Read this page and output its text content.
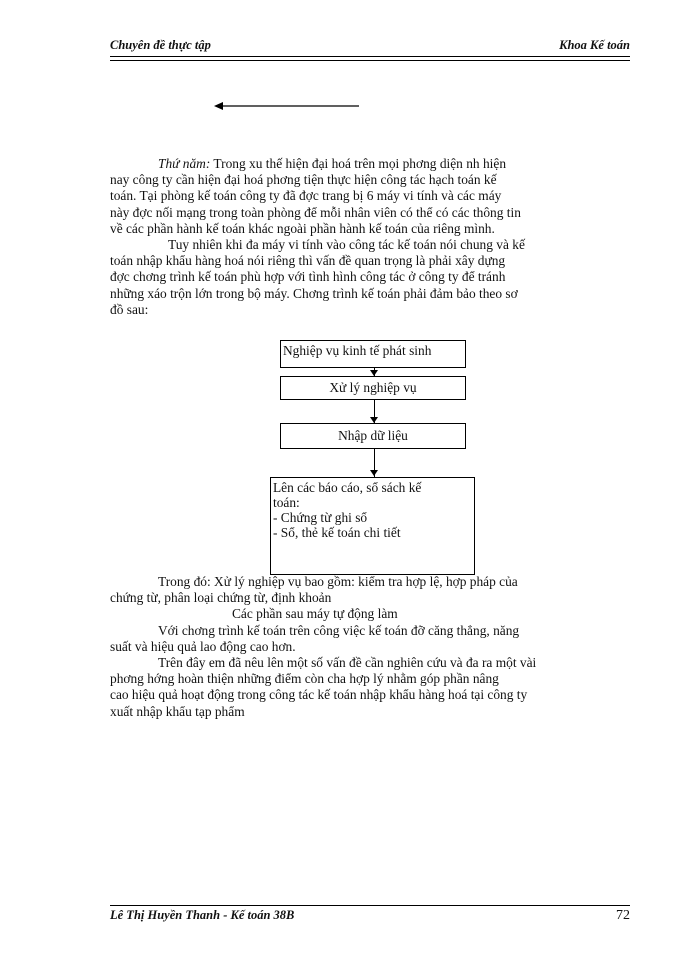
Chuyên đề thực tập	Khoa Kế toán
Thứ năm: Trong xu thế hiện đại hoá trên mọi phơng diện nh hiện
nay công ty cần hiện đại hoá phơng tiện thực hiện công tác hạch toán kế
toán. Tại phòng kế toán công ty đã đợc trang bị 6 máy vi tính và các máy
này đợc nối mạng trong toàn phòng để mỗi nhân viên có thể có các thông tin
về các phần hành kế toán khác ngoài phần hành kế toán của riêng mình.
Tuy nhiên khi đa máy vi tính vào công tác kế toán nói chung và kế
toán nhập khẩu hàng hoá nói riêng thì vấn đề quan trọng là phải xây dựng
đợc chơng trình kế toán phù hợp với tình hình công tác ở công ty để tránh
những xáo trộn lớn trong bộ máy. Chơng trình kế toán phải đảm bảo theo sơ
đồ sau:
Nghiệp vụ kinh tế phát sinh
Xử lý nghiệp vụ
Nhập dữ liệu
Lên các báo cáo, sổ sách kế
toán:
- Chứng từ ghi sổ
- Sổ, thẻ kế toán chi tiết
Trong đó: Xử lý nghiệp vụ bao gồm: kiểm tra hợp lệ, hợp pháp của
chứng từ, phân loại chứng từ, định khoản
Các phần sau máy tự động làm
Với chơng trình kế toán trên công việc kế toán đỡ căng thẳng, năng
suất và hiệu quả lao động cao hơn.
Trên đây em đã nêu lên một số vấn đề cần nghiên cứu và đa ra một vài
phơng hớng hoàn thiện những điểm còn cha hợp lý nhằm góp phần nâng
cao hiệu quả hoạt động trong công tác kế toán nhập khẩu hàng hoá tại công ty
xuất nhập khẩu tạp phẩm
Lê Thị Huyền Thanh - Kế toán 38B	72
